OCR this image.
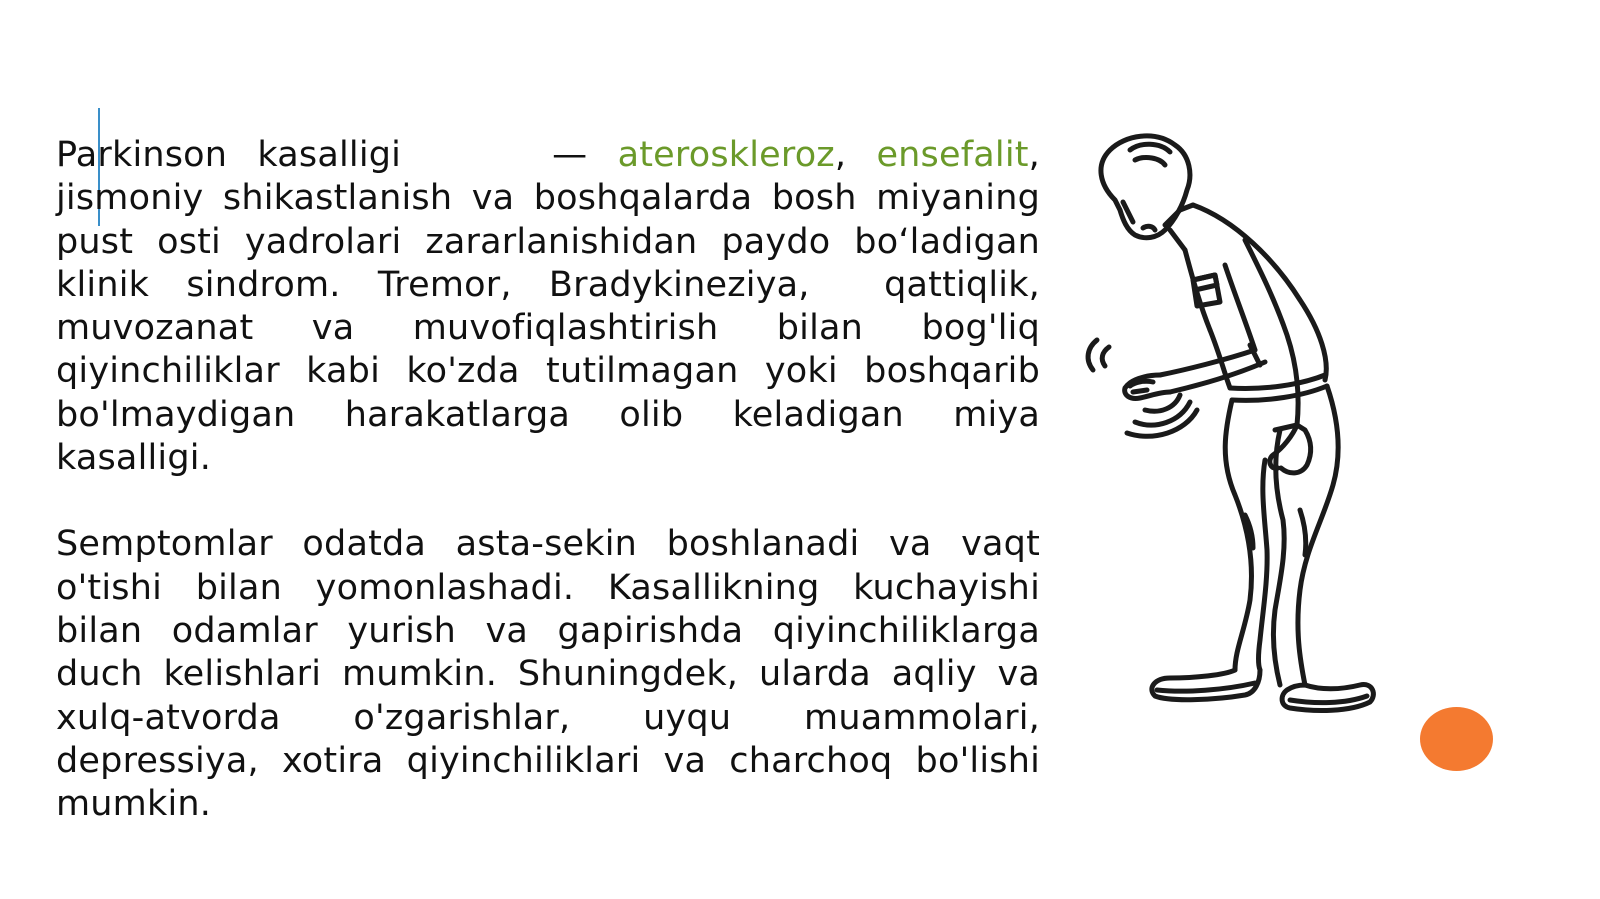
Parkinson kasalligi     — ateroskleroz, ensefalit, jismoniy shikastlanish va boshqalarda bosh miyaning pust osti yadrolari zararlanishidan paydo bo‘ladigan klinik sindrom. Tremor, Bradykineziya,  qattiqlik, muvozanat va muvofiqlashtirish bilan bog'liq qiyinchiliklar kabi ko'zda tutilmagan yoki boshqarib bo'lmaydigan harakatlarga olib keladigan miya kasalligi.

Semptomlar odatda asta-sekin boshlanadi va vaqt o'tishi bilan yomonlashadi. Kasallikning kuchayishi bilan odamlar yurish va gapirishda qiyinchiliklarga duch kelishlari mumkin. Shuningdek, ularda aqliy va xulq-atvorda o'zgarishlar, uyqu muammolari, depressiya, xotira qiyinchiliklari va charchoq bo'lishi mumkin.
